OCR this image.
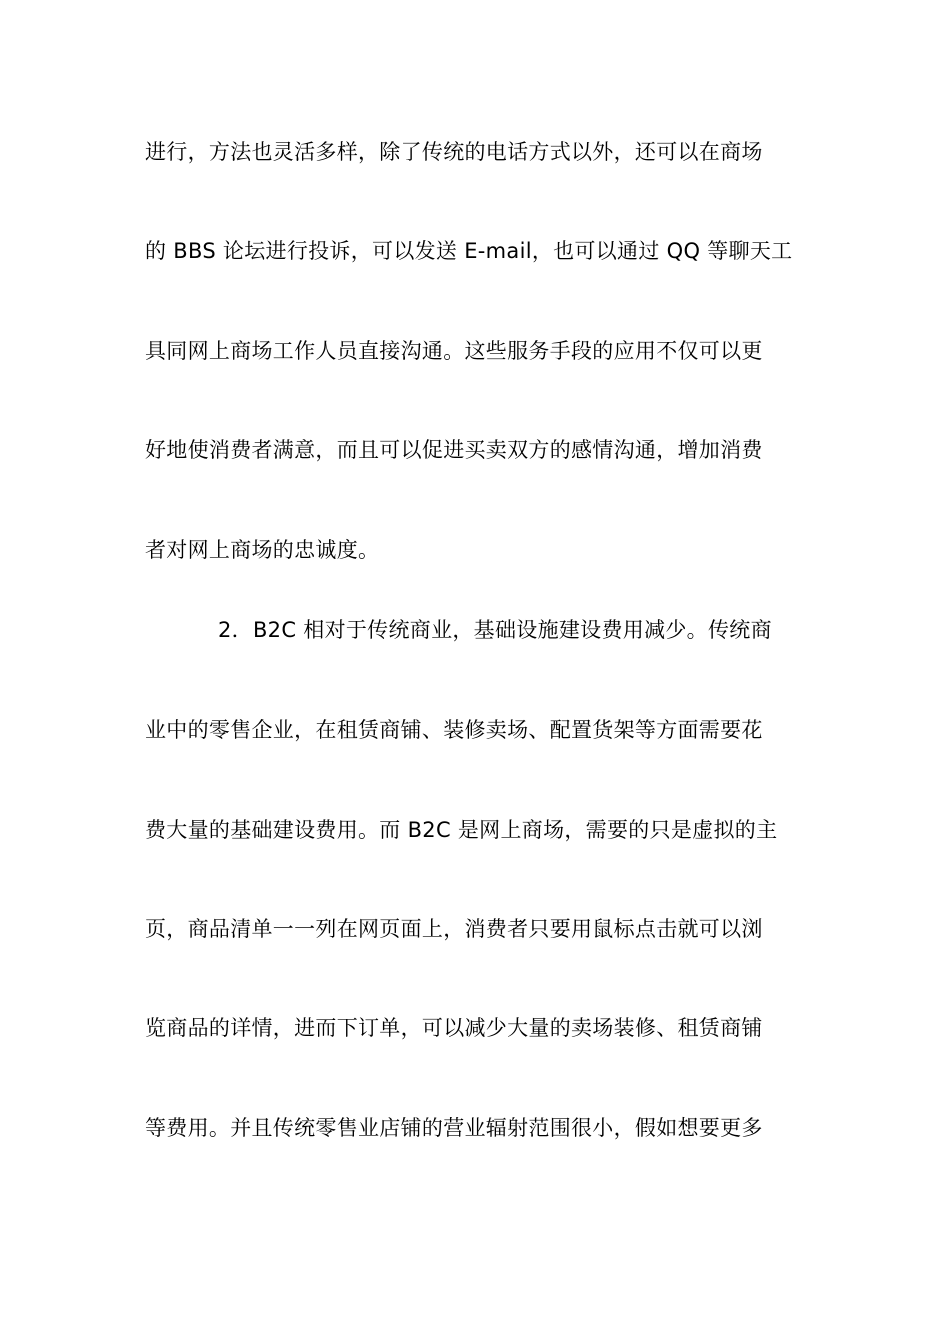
进行，方法也灵活多样，除了传统的电话方式以外，还可以在商场
的 BBS 论坛进行投诉，可以发送 E-mail，也可以通过 QQ 等聊天工
具同网上商场工作人员直接沟通。这些服务手段的应用不仅可以更
好地使消费者满意，而且可以促进买卖双方的感情沟通，增加消费
者对网上商场的忠诚度。
2．B2C 相对于传统商业，基础设施建设费用减少。传统商
业中的零售企业，在租赁商铺、装修卖场、配置货架等方面需要花
费大量的基础建设费用。而 B2C 是网上商场，需要的只是虚拟的主
页，商品清单一一列在网页面上，消费者只要用鼠标点击就可以浏
览商品的详情，进而下订单，可以减少大量的卖场装修、租赁商铺
等费用。并且传统零售业店铺的营业辐射范围很小，假如想要更多
